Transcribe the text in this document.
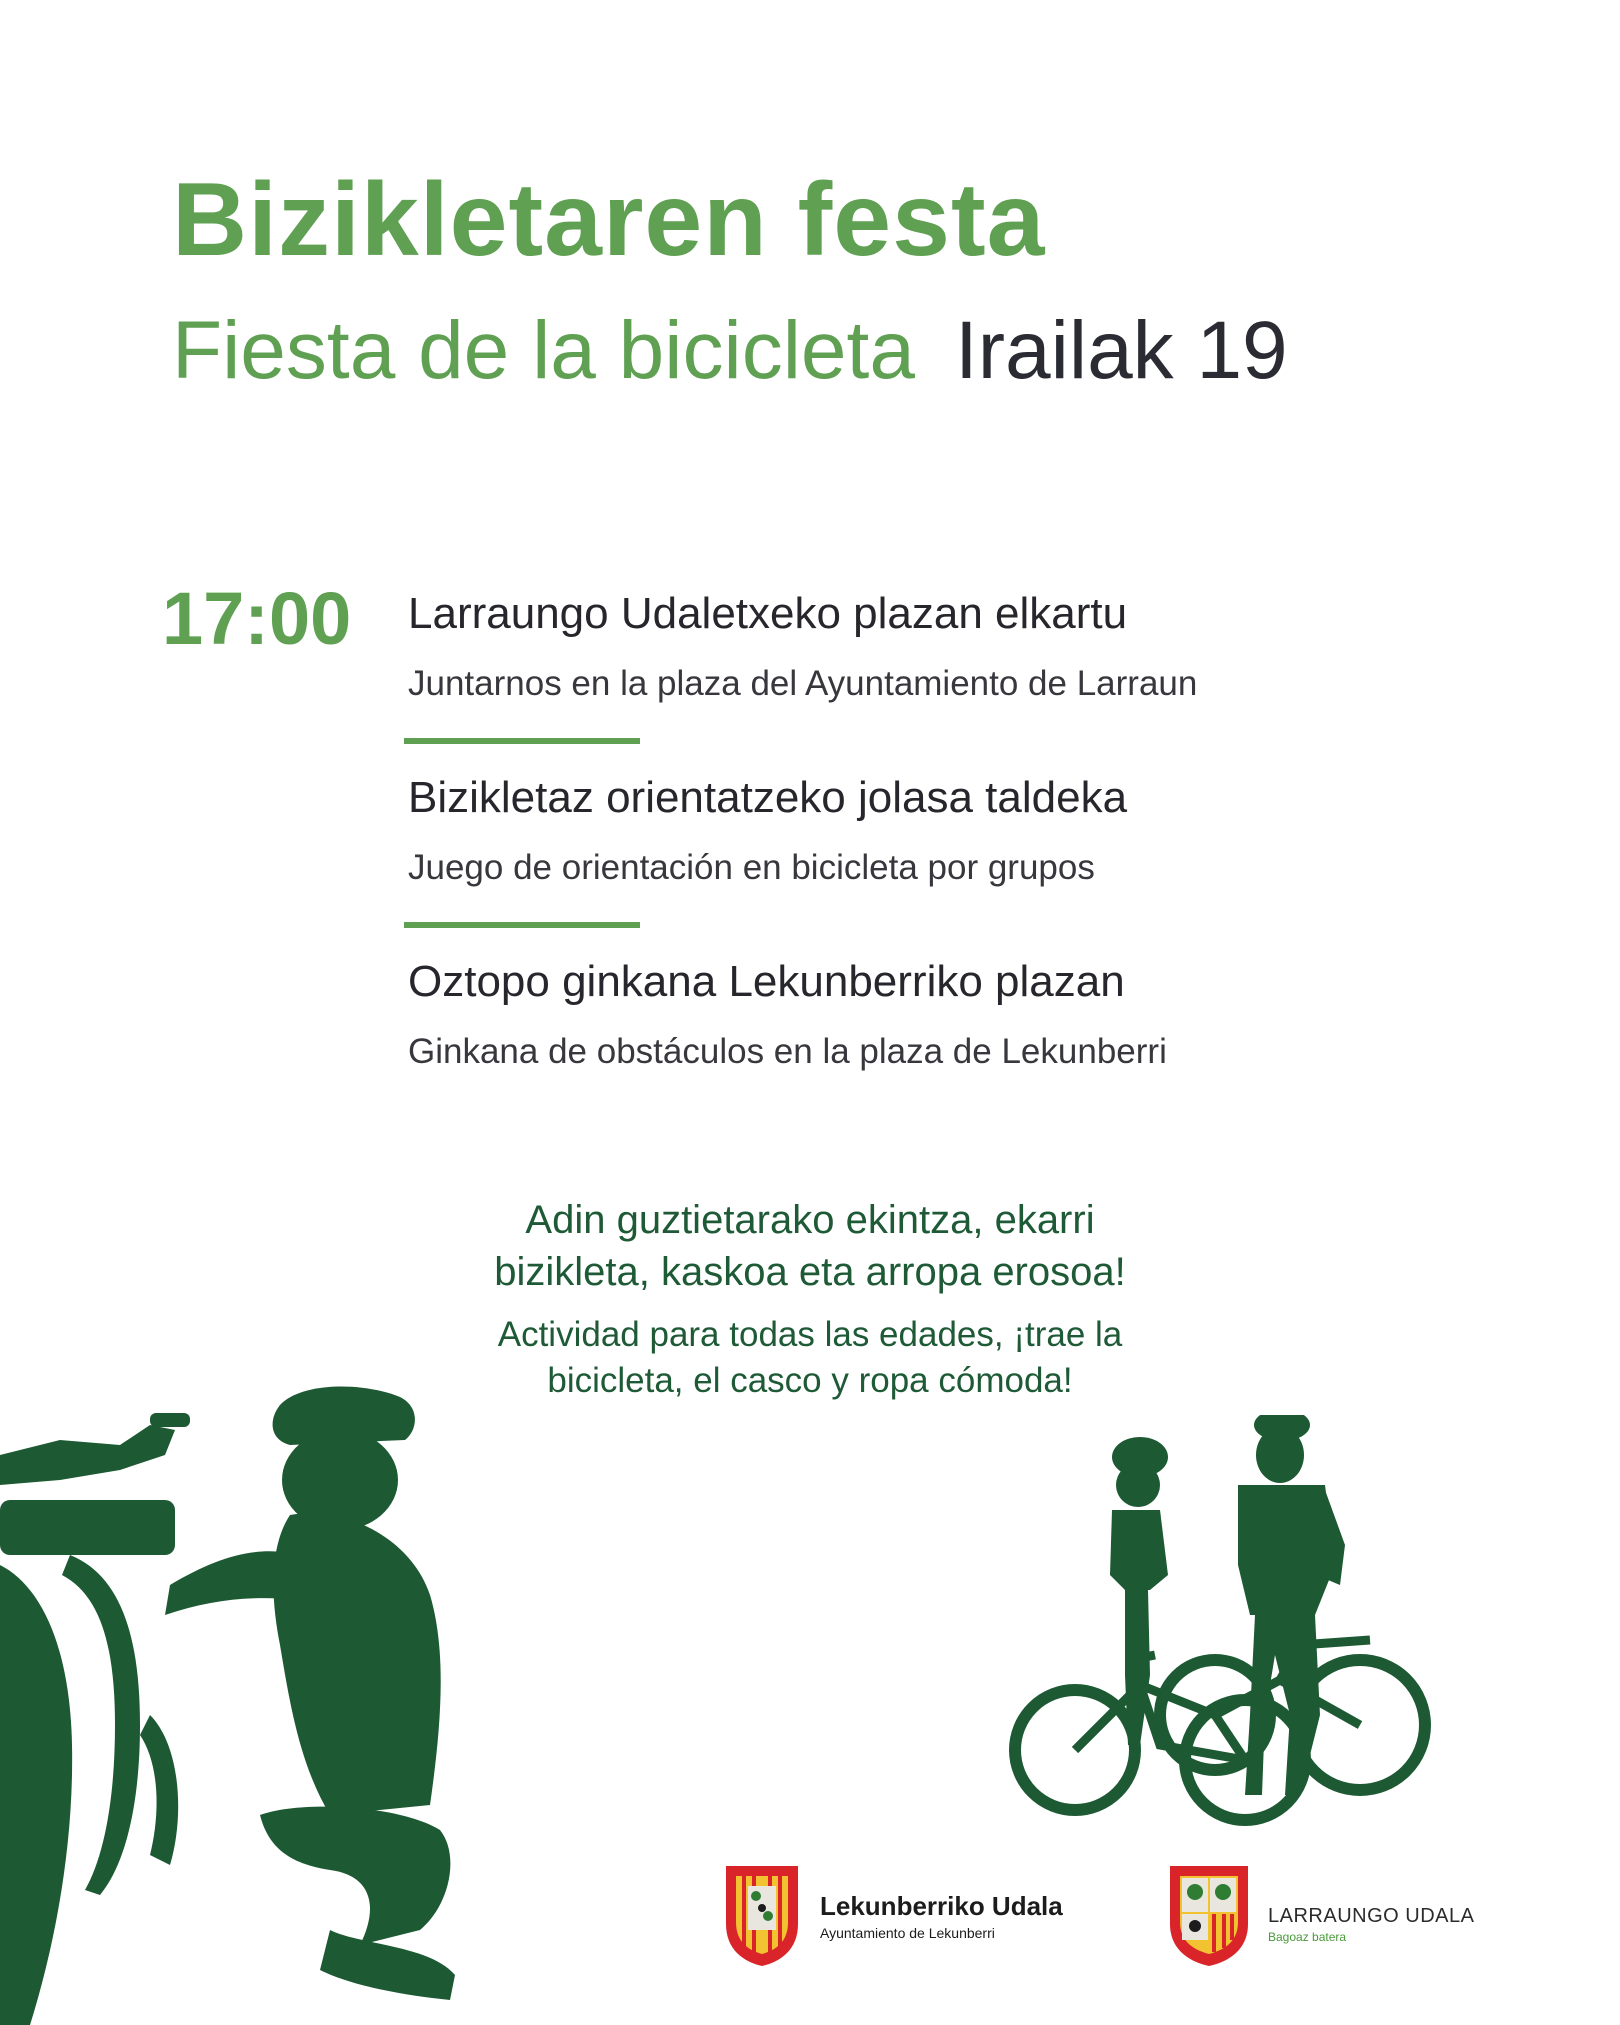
Bizikletaren festa
Fiesta de la bicicleta Irailak 19
17:00 Larraungo Udaletxeko plazan elkartu
Juntarnos en la plaza del Ayuntamiento de Larraun
Bizikletaz orientatzeko jolasa taldeka
Juego de orientación en bicicleta por grupos
Oztopo ginkana Lekunberriko plazan
Ginkana de obstáculos en la plaza de Lekunberri
Adin guztietarako ekintza, ekarri
bizikleta, kaskoa eta arropa erosoa!
Actividad para todas las edades, ¡trae la
bicicleta, el casco y ropa cómoda!
Lekunberriko Udala
Ayuntamiento de Lekunberri
LARRAUNGO UDALA
Bagoaz batera
